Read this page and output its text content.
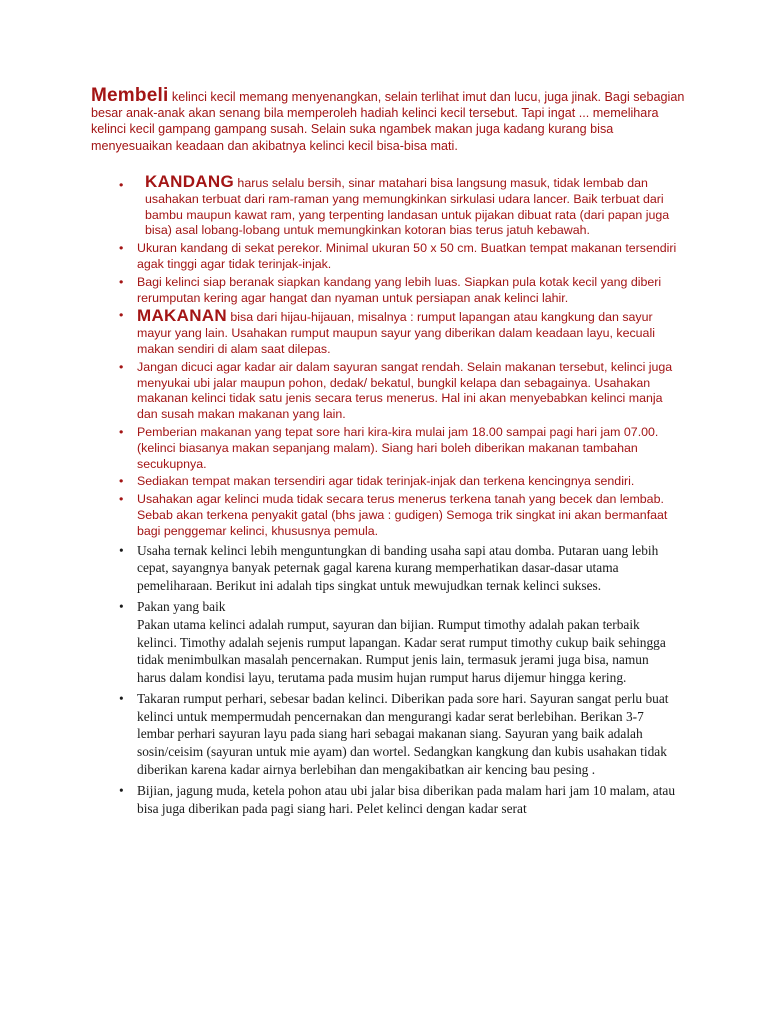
Membeli kelinci kecil memang menyenangkan, selain terlihat imut dan lucu, juga jinak. Bagi sebagian besar anak-anak akan senang bila memperoleh hadiah kelinci kecil tersebut. Tapi ingat ... memelihara kelinci kecil gampang gampang susah. Selain suka ngambek makan juga kadang kurang bisa menyesuaikan keadaan dan akibatnya kelinci kecil bisa-bisa mati.

• KANDANG harus selalu bersih, sinar matahari bisa langsung masuk, tidak lembab dan usahakan terbuat dari ram-raman yang memungkinkan sirkulasi udara lancer. Baik terbuat dari bambu maupun kawat ram, yang terpenting landasan untuk pijakan dibuat rata (dari papan juga bisa) asal lobang-lobang untuk memungkinkan kotoran bias terus jatuh kebawah.
• Ukuran kandang di sekat perekor. Minimal ukuran 50 x 50 cm. Buatkan tempat makanan tersendiri agak tinggi agar tidak terinjak-injak.
• Bagi kelinci siap beranak siapkan kandang yang lebih luas. Siapkan pula kotak kecil yang diberi rerumputan kering agar hangat dan nyaman untuk persiapan anak kelinci lahir.
• MAKANAN bisa dari hijau-hijauan, misalnya : rumput lapangan atau kangkung dan sayur mayur yang lain. Usahakan rumput maupun sayur yang diberikan dalam keadaan layu, kecuali makan sendiri di alam saat dilepas.
• Jangan dicuci agar kadar air dalam sayuran sangat rendah. Selain makanan tersebut, kelinci juga menyukai ubi jalar maupun pohon, dedak/ bekatul, bungkil kelapa dan sebagainya. Usahakan makanan kelinci tidak satu jenis secara terus menerus. Hal ini akan menyebabkan kelinci manja dan susah makan makanan yang lain.
• Pemberian makanan yang tepat sore hari kira-kira mulai jam 18.00 sampai pagi hari jam 07.00. (kelinci biasanya makan sepanjang malam). Siang hari boleh diberikan makanan tambahan secukupnya.
• Sediakan tempat makan tersendiri agar tidak terinjak-injak dan terkena kencingnya sendiri.
• Usahakan agar kelinci muda tidak secara terus menerus terkena tanah yang becek dan lembab. Sebab akan terkena penyakit gatal (bhs jawa : gudigen) Semoga trik singkat ini akan bermanfaat bagi penggemar kelinci, khususnya pemula.
• Usaha ternak kelinci lebih menguntungkan di banding usaha sapi atau domba. Putaran uang lebih cepat, sayangnya banyak peternak gagal karena kurang memperhatikan dasar-dasar utama pemeliharaan. Berikut ini adalah tips singkat untuk mewujudkan ternak kelinci sukses.
• Pakan yang baik
Pakan utama kelinci adalah rumput, sayuran dan bijian. Rumput timothy adalah pakan terbaik kelinci. Timothy adalah sejenis rumput lapangan. Kadar serat rumput timothy cukup baik sehingga tidak menimbulkan masalah pencernakan. Rumput jenis lain, termasuk jerami juga bisa, namun harus dalam kondisi layu, terutama pada musim hujan rumput harus dijemur hingga kering.
• Takaran rumput perhari, sebesar badan kelinci. Diberikan pada sore hari. Sayuran sangat perlu buat kelinci untuk mempermudah pencernakan dan mengurangi kadar serat berlebihan. Berikan 3-7 lembar perhari sayuran layu pada siang hari sebagai makanan siang. Sayuran yang baik adalah sosin/ceisim (sayuran untuk mie ayam) dan wortel. Sedangkan kangkung dan kubis usahakan tidak diberikan karena kadar airnya berlebihan dan mengakibatkan air kencing bau pesing .
• Bijian, jagung muda, ketela pohon atau ubi jalar bisa diberikan pada malam hari jam 10 malam, atau bisa juga diberikan pada pagi siang hari. Pelet kelinci dengan kadar serat
